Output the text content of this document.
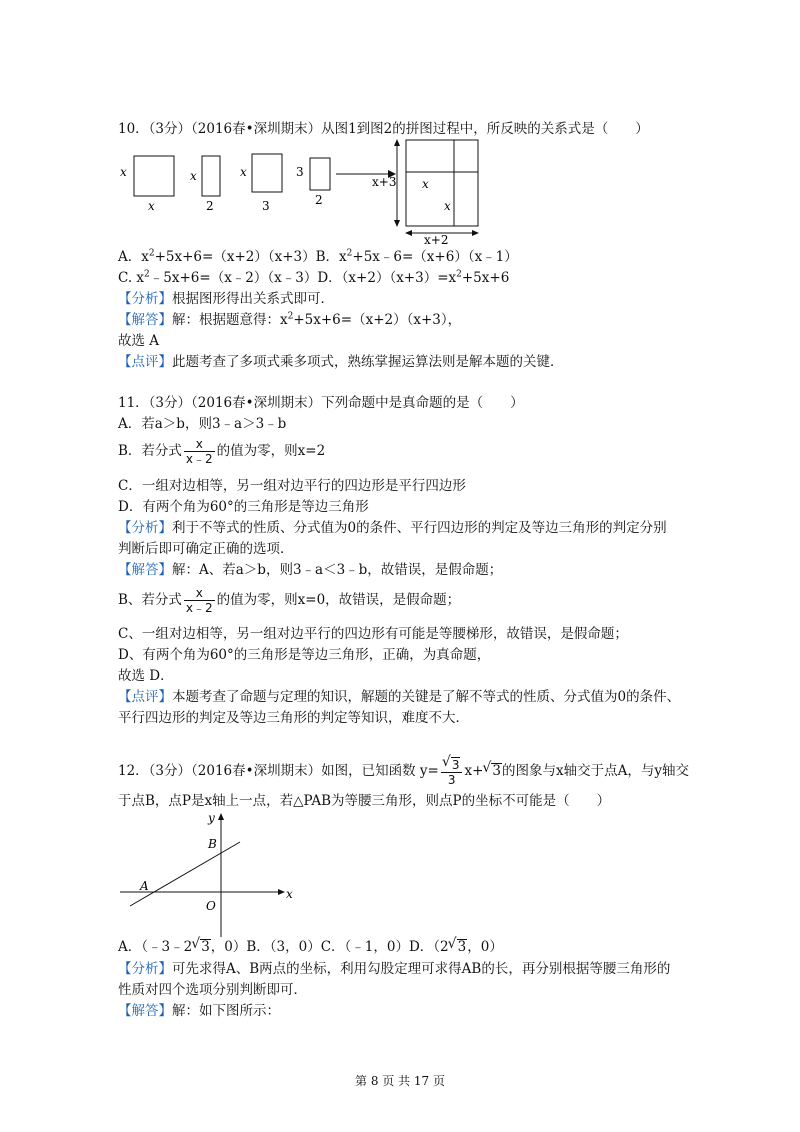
10．（3分）（2016春•深圳期末）从图1到图2的拼图过程中，所反映的关系式是（　　）
x
x
x
2
x
3
3
2
x+3 x
x
x+2
A．$x^2+5x+6=(x+2)(x+3)B$．$x^2+5x﹣6=(x+6)(x﹣1)$
C. $x^2﹣5x+6=(x﹣2)(x﹣3)D$．$(x+2)(x+3)=x^2+5x+6$
【分析】根据图形得出关系式即可．
【解答】解：根据题意得：$x^2+5x+6=(x+2)(x+3)$，
故选 A
【点评】此题考查了多项式乘多项式，熟练掌握运算法则是解本题的关键．
11．（3分）（2016春•深圳期末）下列命题中是真命题的是（　　）
A．若a＞b，则3﹣a＞3﹣b
B．若分式 $\frac{x}{x﹣2}$ 的值为零，则x=2
C．一组对边相等，另一组对边平行的四边形是平行四边形
D．有两个角为60°的三角形是等边三角形
【分析】利于不等式的性质、分式值为0的条件、平行四边形的判定及等边三角形的判定分别
判断后即可确定正确的选项．
【解答】解：A、若a＞b，则3﹣a＜3﹣b，故错误，是假命题；
B、若分式 $\frac{x}{x﹣2}$ 的值为零，则x=0，故错误，是假命题；
C、一组对边相等，另一组对边平行的四边形有可能是等腰梯形，故错误，是假命题；
D、有两个角为60°的三角形是等边三角形，正确，为真命题，
故选 D．
【点评】本题考查了命题与定理的知识，解题的关键是了解不等式的性质、分式值为0的条件、
平行四边形的判定及等边三角形的判定等知识，难度不大．
12．（3分）（2016春•深圳期末）如图，已知函数 y=
√ $\frac{3}{3} x+√$ 3的图象与x轴交于点A，与y轴交
于点B，点P是x轴上一点，若△PAB为等腰三角形，则点P的坐标不可能是（　　）
y
x
A
B
O
A．（﹣3﹣2√ 3，0）B．（3，0）C．（﹣1，0）D．（2√ 3，0）
【分析】可先求得A、B两点的坐标，利用勾股定理可求得AB的长，再分别根据等腰三角形的
性质对四个选项分别判断即可．
【解答】解：如下图所示：
第 8 页 共 17 页
